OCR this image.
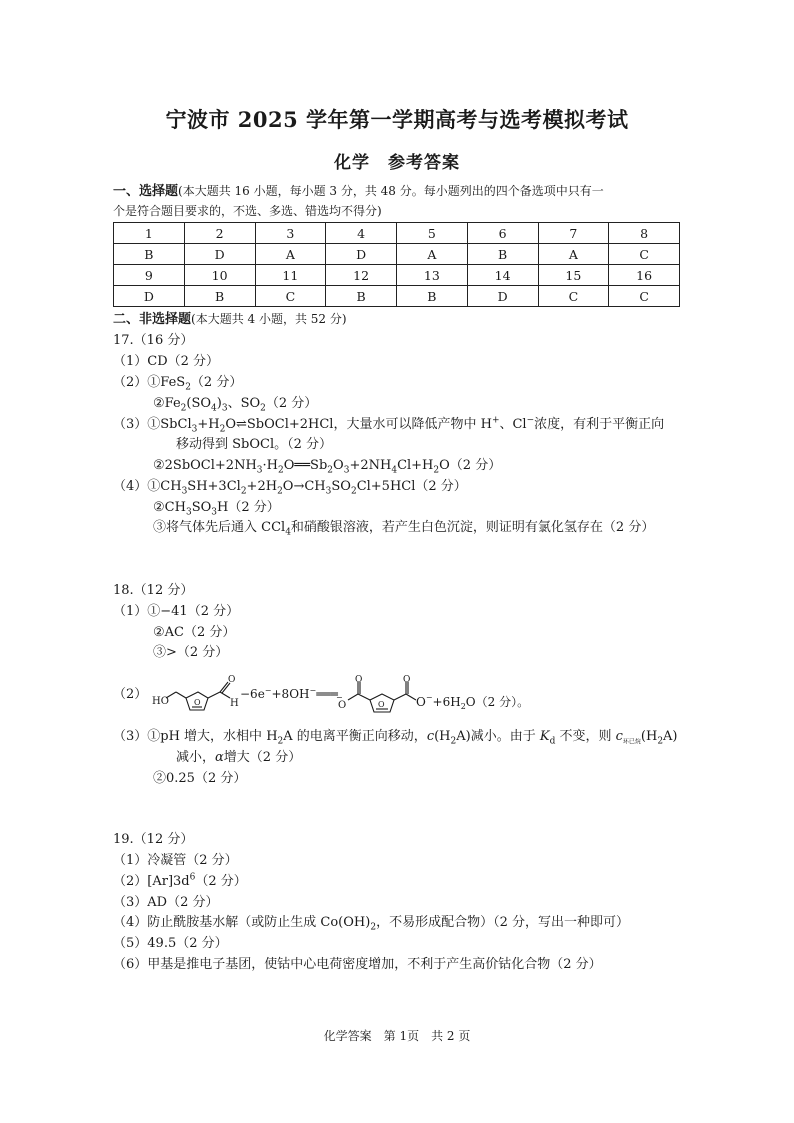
宁波市 2025 学年第一学期高考与选考模拟考试
化学　参考答案
一、选择题(本大题共 16 小题，每小题 3 分，共 48 分。每小题列出的四个备选项中只有一
个是符合题目要求的，不选、多选、错选均不得分)
1	2	3	4	5	6	7	8
B	D	A	D	A	B	A	C
9	10	11	12	13	14	15	16
D	B	C	B	B	D	C	C
二、非选择题(本大题共 4 小题，共 52 分)
17.（16 分）
（1）CD（2 分）
（2）①FeS$_2$（2 分）
$②Fe_2(SO_4)_3$、$SO_2(2$ 分）
$(3)①SbCl_3+H_2O\rightleftharpoons SbOCl+2HCl$，大量水可以降低产物中 H+、Cl−浓度，有利于平衡正向
移动得到 SbOCl。（2 分）
$②2SbOCl+2NH_3\cdot H_2O══Sb_2O_3+2NH_4Cl+H_2O(2$ 分）
$(4)①CH_3SH+3Cl_2+2H_2O\to CH_3SO_2Cl+5HCl(2$ 分）
$②CH_3SO_3H(2$ 分）
③将气体先后通入 CCl$_4$和硝酸银溶液，若产生白色沉淀，则证明有氯化氢存在（2 分）
18.（12 分）
（1）①−41（2 分）
②AC（2 分）
③>（2 分）
（2） HO	O
O
H
−6e−+8OH−═══
O
−
O
O
O
$O^-+6H_2O(2$ 分）。
（3）①pH 增大，水相中 $H_2A$ 的电离平衡正向移动，$c(H_2A)$减小。由于 $K_d$ 不变，则 $c_{环已烷}(H_2A)$
减小，α增大（2 分）
②0.25（2 分）
19.（12 分）
（1）冷凝管（2 分）
$(2)[Ar]3d^6(2$ 分）
（3）AD（2 分）
（4）防止酰胺基水解（或防止生成 $Co(OH)_2$，不易形成配合物）（2 分，写出一种即可）
（5）49.5（2 分）
（6）甲基是推电子基团，使钴中心电荷密度增加，不利于产生高价钴化合物（2 分）
化学答案　第 1页　共 2 页
